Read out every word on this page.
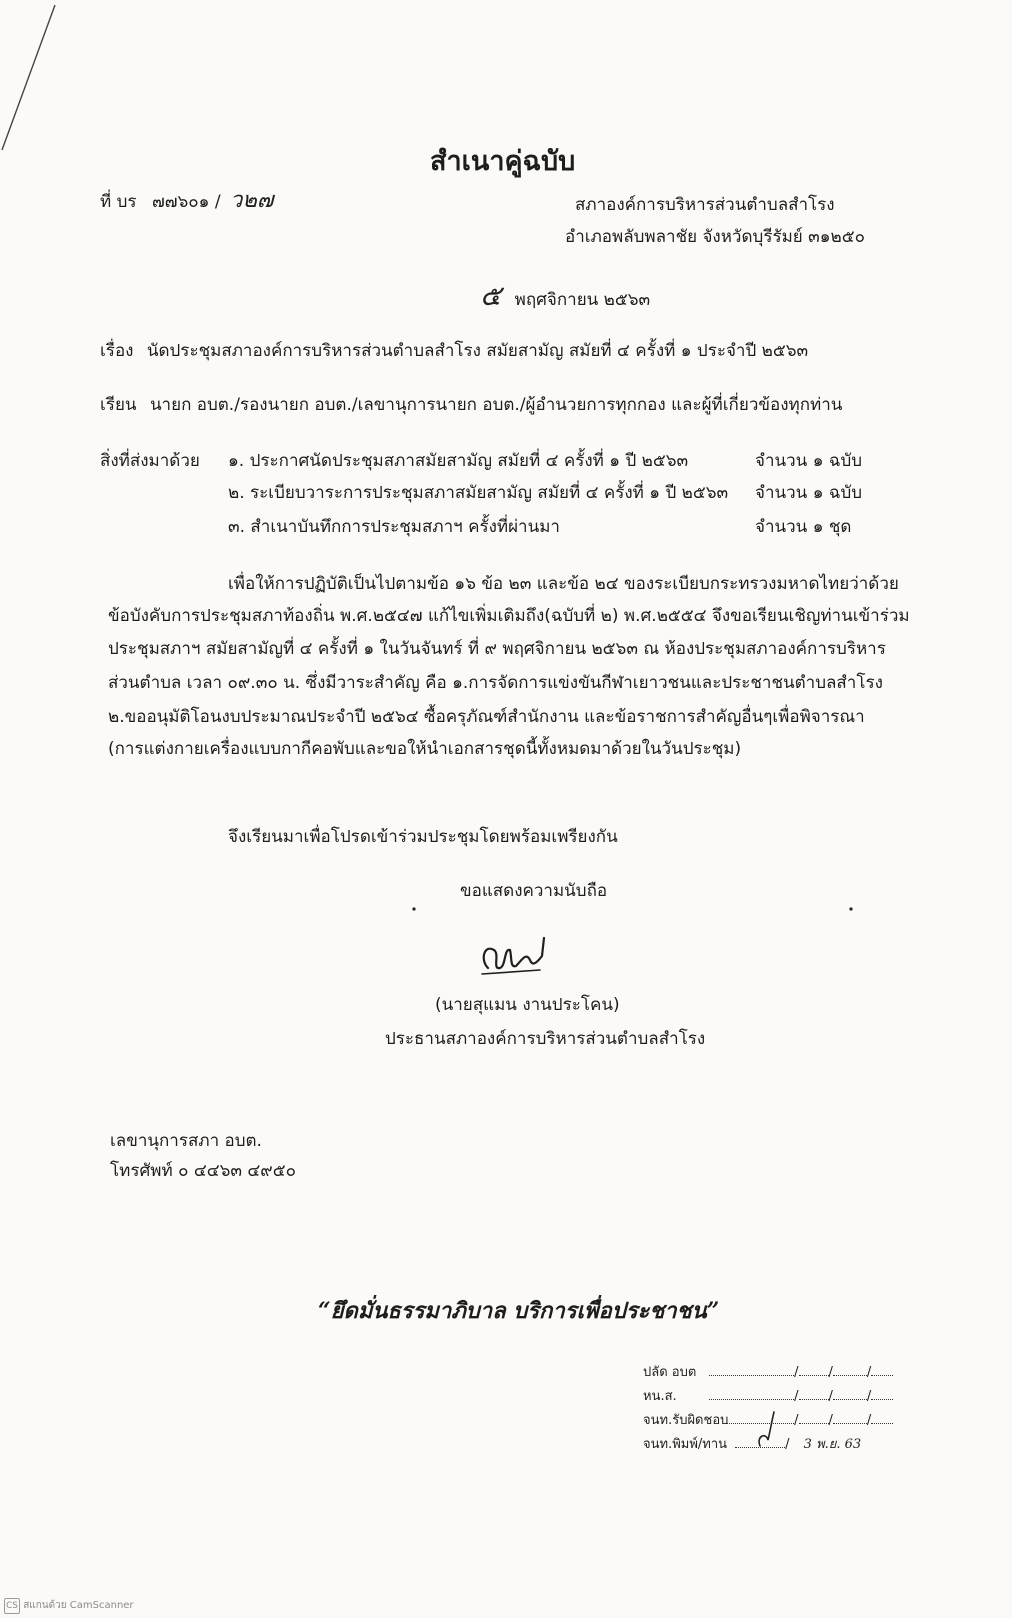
สำเนาคู่ฉบับ
ที่ บร ๗๗๖๐๑ / ว๒๗	สภาองค์การบริหารส่วนตำบลสำโรง
อำเภอพลับพลาชัย จังหวัดบุรีรัมย์ ๓๑๒๕๐
๕ พฤศจิกายน ๒๕๖๓
เรื่อง นัดประชุมสภาองค์การบริหารส่วนตำบลสำโรง สมัยสามัญ สมัยที่ ๔ ครั้งที่ ๑ ประจำปี ๒๕๖๓
เรียน นายก อบต./รองนายก อบต./เลขานุการนายก อบต./ผู้อำนวยการทุกกอง และผู้ที่เกี่ยวข้องทุกท่าน
สิ่งที่ส่งมาด้วย ๑. ประกาศนัดประชุมสภาสมัยสามัญ สมัยที่ ๔ ครั้งที่ ๑ ปี ๒๕๖๓	จำนวน ๑ ฉบับ
๒. ระเบียบวาระการประชุมสภาสมัยสามัญ สมัยที่ ๔ ครั้งที่ ๑ ปี ๒๕๖๓ จำนวน ๑ ฉบับ
๓. สำเนาบันทึกการประชุมสภาฯ ครั้งที่ผ่านมา	จำนวน ๑ ชุด
เพื่อให้การปฏิบัติเป็นไปตามข้อ ๑๖ ข้อ ๒๓ และข้อ ๒๔ ของระเบียบกระทรวงมหาดไทยว่าด้วย
ข้อบังคับการประชุมสภาท้องถิ่น พ.ศ.๒๕๔๗ แก้ไขเพิ่มเติมถึง(ฉบับที่ ๒) พ.ศ.๒๕๕๔ จึงขอเรียนเชิญท่านเข้าร่วม
ประชุมสภาฯ สมัยสามัญที่ ๔ ครั้งที่ ๑ ในวันจันทร์ ที่ ๙ พฤศจิกายน ๒๕๖๓ ณ ห้องประชุมสภาองค์การบริหาร
ส่วนตำบล เวลา ๐๙.๓๐ น. ซึ่งมีวาระสำคัญ คือ ๑.การจัดการแข่งขันกีฬาเยาวชนและประชาชนตำบลสำโรง
๒.ขออนุมัติโอนงบประมาณประจำปี ๒๕๖๔ ซื้อครุภัณฑ์สำนักงาน และข้อราชการสำคัญอื่นๆเพื่อพิจารณา
(การแต่งกายเครื่องแบบกากีคอพับและขอให้นำเอกสารชุดนี้ทั้งหมดมาด้วยในวันประชุม)
จึงเรียนมาเพื่อโปรดเข้าร่วมประชุมโดยพร้อมเพรียงกัน
ขอแสดงความนับถือ
(นายสุแมน งานประโคน)
ประธานสภาองค์การบริหารส่วนตำบลสำโรง
เลขานุการสภา อบต.
โทรศัพท์ ๐ ๔๔๖๓ ๔๙๕๐
“ยึดมั่นธรรมาภิบาล บริการเพื่อประชาชน”
ปลัด อบต	/ /	/
หน.ส.	/ /	/
จนท.รับผิดชอบ	/ /	/
จนท.พิมพ์/ทาน	/ 3 พ.ย. 63
CS สแกนด้วย CamScanner
